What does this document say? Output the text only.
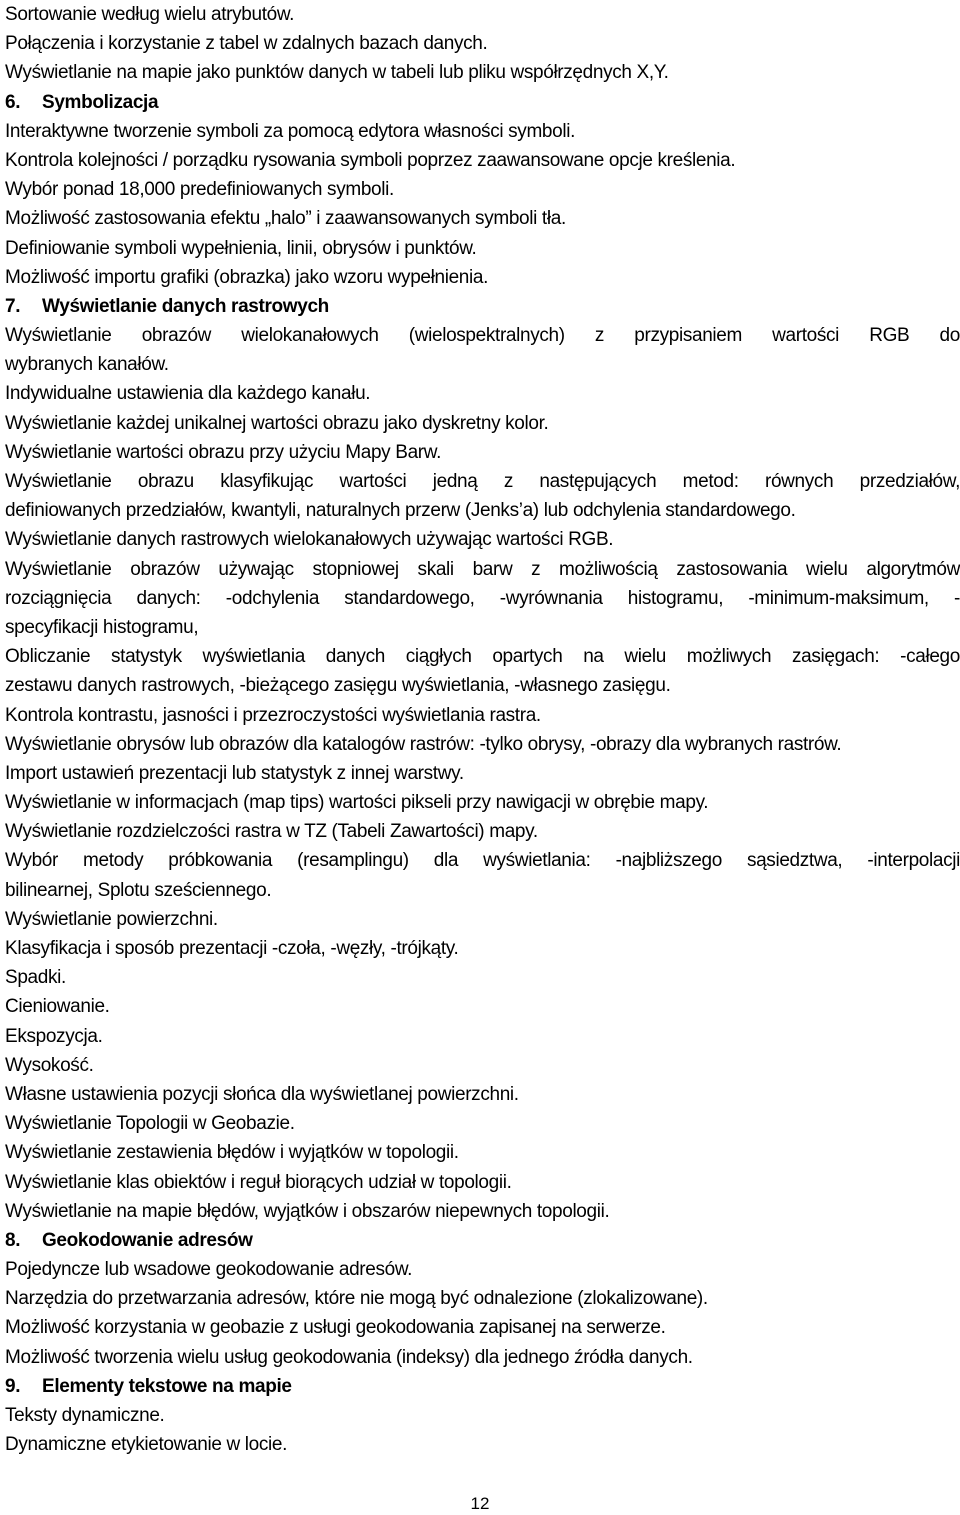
Sortowanie według wielu atrybutów.
Połączenia i korzystanie z tabel w zdalnych bazach danych.
Wyświetlanie na mapie jako punktów danych w tabeli lub pliku współrzędnych X,Y.
6. Symbolizacja
Interaktywne tworzenie symboli za pomocą edytora własności symboli.
Kontrola kolejności / porządku rysowania symboli poprzez zaawansowane opcje kreślenia.
Wybór ponad 18,000 predefiniowanych symboli.
Możliwość zastosowania efektu „halo” i zaawansowanych symboli tła.
Definiowanie symboli wypełnienia, linii, obrysów i punktów.
Możliwość importu grafiki (obrazka) jako wzoru wypełnienia.
7. Wyświetlanie danych rastrowych
Wyświetlanie obrazów wielokanałowych (wielospektralnych) z przypisaniem wartości RGB do
wybranych kanałów.
Indywidualne ustawienia dla każdego kanału.
Wyświetlanie każdej unikalnej wartości obrazu jako dyskretny kolor.
Wyświetlanie wartości obrazu przy użyciu Mapy Barw.
Wyświetlanie obrazu klasyfikując wartości jedną z następujących metod: równych przedziałów,
definiowanych przedziałów, kwantyli, naturalnych przerw (Jenks’a) lub odchylenia standardowego.
Wyświetlanie danych rastrowych wielokanałowych używając wartości RGB.
Wyświetlanie obrazów używając stopniowej skali barw z możliwością zastosowania wielu algorytmów
rozciągnięcia danych: -odchylenia standardowego, -wyrównania histogramu, -minimum-maksimum, -
specyfikacji histogramu,
Obliczanie statystyk wyświetlania danych ciągłych opartych na wielu możliwych zasięgach: -całego
zestawu danych rastrowych, -bieżącego zasięgu wyświetlania, -własnego zasięgu.
Kontrola kontrastu, jasności i przezroczystości wyświetlania rastra.
Wyświetlanie obrysów lub obrazów dla katalogów rastrów: -tylko obrysy, -obrazy dla wybranych rastrów.
Import ustawień prezentacji lub statystyk z innej warstwy.
Wyświetlanie w informacjach (map tips) wartości pikseli przy nawigacji w obrębie mapy.
Wyświetlanie rozdzielczości rastra w TZ (Tabeli Zawartości) mapy.
Wybór metody próbkowania (resamplingu) dla wyświetlania: -najbliższego sąsiedztwa, -interpolacji
bilinearnej, Splotu sześciennego.
Wyświetlanie powierzchni.
Klasyfikacja i sposób prezentacji -czoła, -węzły, -trójkąty.
Spadki.
Cieniowanie.
Ekspozycja.
Wysokość.
Własne ustawienia pozycji słońca dla wyświetlanej powierzchni.
Wyświetlanie Topologii w Geobazie.
Wyświetlanie zestawienia błędów i wyjątków w topologii.
Wyświetlanie klas obiektów i reguł biorących udział w topologii.
Wyświetlanie na mapie błędów, wyjątków i obszarów niepewnych topologii.
8. Geokodowanie adresów
Pojedyncze lub wsadowe geokodowanie adresów.
Narzędzia do przetwarzania adresów, które nie mogą być odnalezione (zlokalizowane).
Możliwość korzystania w geobazie z usługi geokodowania zapisanej na serwerze.
Możliwość tworzenia wielu usług geokodowania (indeksy) dla jednego źródła danych.
9. Elementy tekstowe na mapie
Teksty dynamiczne.
Dynamiczne etykietowanie w locie.
12
